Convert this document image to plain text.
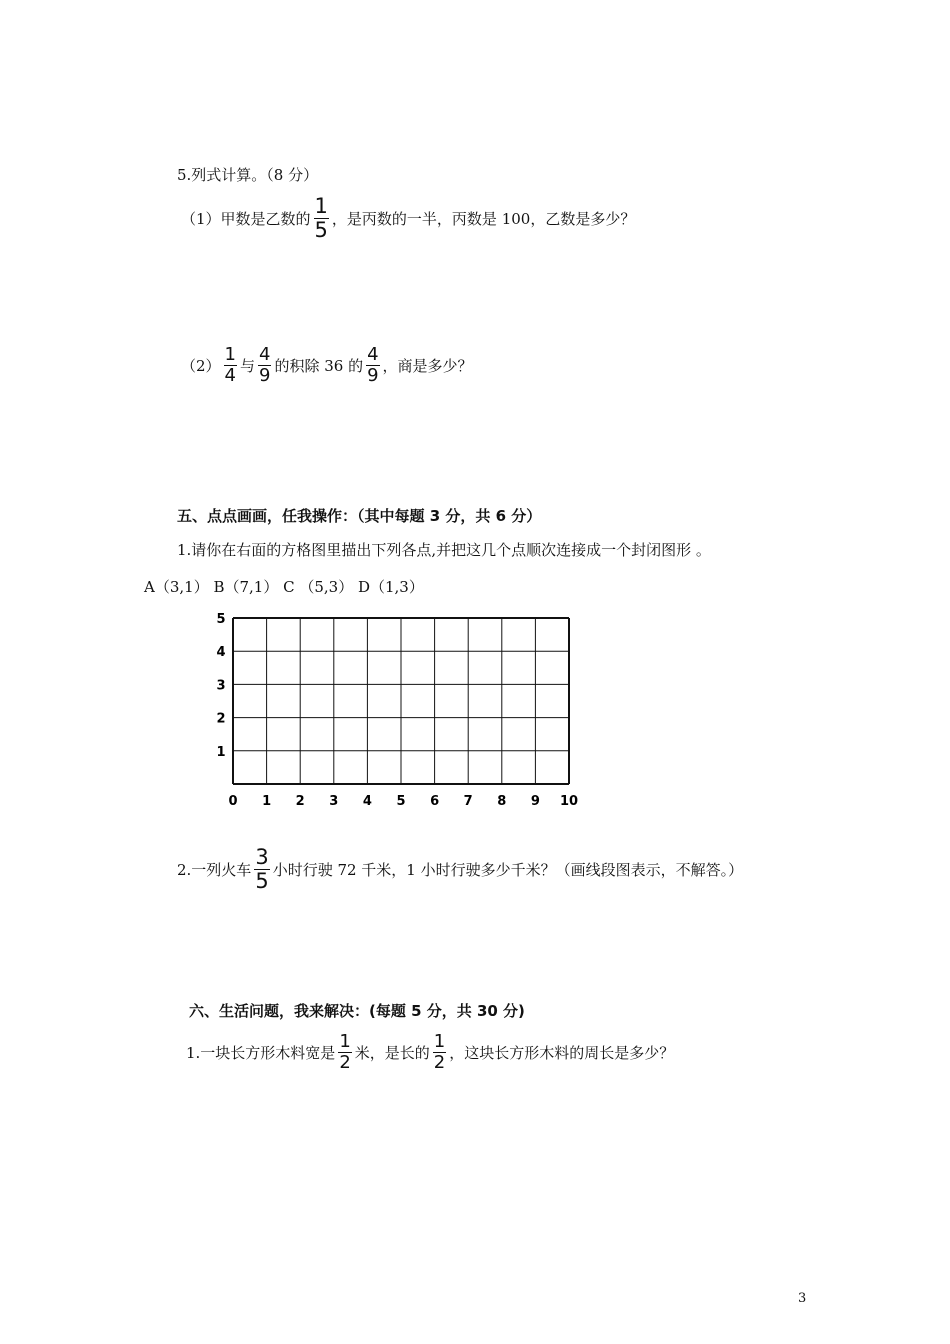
5.列式计算。（8 分）
（1）甲数是乙数的 $\frac{1}{5}$ ，是丙数的一半，丙数是 100，乙数是多少？
$(2) \frac{1}{4}$ 与 $\frac{4}{9}$ 的积除 36 的 $\frac{4}{9}$ ，商是多少？
五、点点画画，任我操作：（其中每题 3 分，共 6 分）
1.请你在右面的方格图里描出下列各点,并把这几个点顺次连接成一个封闭图形 。
A（3,1） B（7,1） C （5,3） D（1,3）
0 1 2 3 4 5 6 7 8 9 10
1
2
3
4
5
2.一列火车 $\frac{3}{5}$ 小时行驶 72 千米，1 小时行驶多少千米？（画线段图表示，不解答。）
六、生活问题，我来解决：(每题 5 分，共 30 分)
1.一块长方形木料宽是 $\frac{1}{2}$ 米，是长的 $\frac{1}{2}$ ，这块长方形木料的周长是多少？
3
